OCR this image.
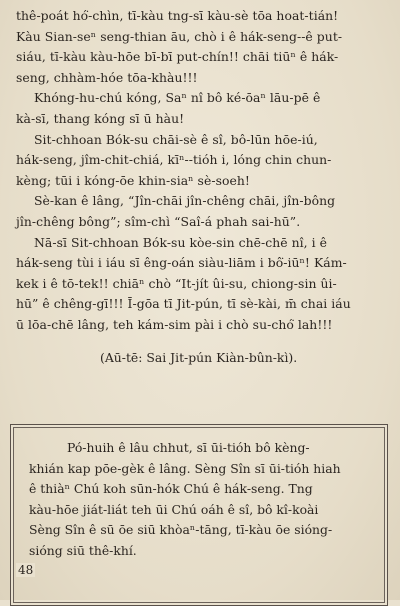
thê-poát hó͘-chìn, tī-kàu tng-sī kàu-sè tōa hoat-tián!
Kàu Sian-seⁿ seng-thian āu, chò i ê hák-seng--ê put-
siáu, tī-kàu kàu-hōe bī-bī put-chín!! chāi tiūⁿ ê hák-
seng, chhàm-hóe tōa-khàu!!!

Khóng-hu-chú kóng, Saⁿ nî bô ké-ōaⁿ lāu-pē ê
kà-sī, thang kóng sī ū hàu!

Sit-chhoan Bók-su chāi-sè ê sî, bô-lūn hōe-iú,
hák-seng, jîm-chit-chiá, kīⁿ--tióh i, lóng chin chun-
kèng; tūi i kóng-ōe khin-siaⁿ sè-soeh!

Sè-kan ê lâng, “Jîn-chāi jîn-chêng chāi, jîn-bông
jîn-chêng bông”; sîm-chì “Saî-á phah sai-hū”.

Nā-sī Sit-chhoan Bók-su kòe-sin chē-chē nî, i ê
hák-seng tùi i iáu sī êng-oán siàu-liām i bô͘-iūⁿ! Kám-
kek i ê tō-tek!! chiāⁿ chò “It-jít ûi-su, chiong-sin ûi-
hū” ê chêng-gī!!! Ī-gōa tī Jit-pún, tī sè-kài, m̄ chai iáu
ū lōa-chē lâng, teh kám-sim pài i chò su-chó͘ lah!!!

(Aū-tē: Sai Jit-pún Kiàn-bûn-kì).
Pó-huih ê lâu chhut, sī ūi-tióh bô kèng-
khián kap pōe-gèk ê lâng. Sèng Sîn sī ūi-tióh hiah
ê thiàⁿ Chú koh sūn-hók Chú ê hák-seng. Tng
kàu-hōe jiát-liát teh ūi Chú oáh ê sî, bô kî-koài
Sèng Sîn ê sū ōe siū khòaⁿ-tāng, tī-kàu ōe sióng-
sióng siū thê-khí.
48
